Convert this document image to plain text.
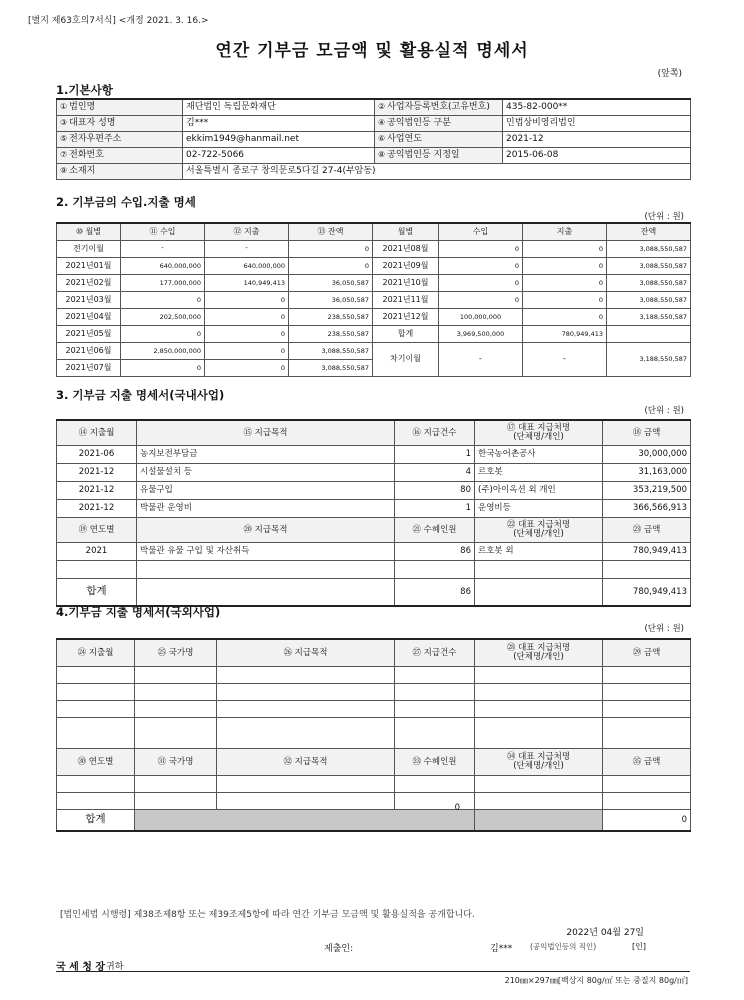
[별지 제63호의7서식] <개정 2021. 3. 16.>
연간 기부금 모금액 및 활용실적 명세서
(앞쪽)
1.기본사항
① 법인명	재단법인 독립문화재단	② 사업자등록번호(고유번호)	435-82-000**
③ 대표자 성명	김***	④ 공익법인등 구분	민법상비영리법인
⑤ 전자우편주소	ekkim1949@hanmail.net	⑥ 사업연도	2021-12
⑦ 전화번호	02-722-5066	⑧ 공익법인등 지정일	2015-06-08
⑨ 소재지	서울특별시 종로구 창의문로5다길 27-4(부암동)		
2. 기부금의 수입.지출 명세
(단위 : 원)
⑩ 월별	⑪ 수입	⑫ 지출	⑬ 잔액	월별	수입	지출	잔액
전기이월	-	-	0	2021년08월	0	0	3,088,550,587
2021년01월	640,000,000	640,000,000	0	2021년09월	0	0	3,088,550,587
2021년02월	177,000,000	140,949,413	36,050,587	2021년10월	0	0	3,088,550,587
2021년03월	0	0	36,050,587	2021년11월	0	0	3,088,550,587
2021년04월	202,500,000	0	238,550,587	2021년12월	100,000,000	0	3,188,550,587
2021년05월	0	0	238,550,587	합계	3,969,500,000	780,949,413	
2021년06월	2,850,000,000	0	3,088,550,587	차기이월	-	-	3,188,550,587
2021년07월	0	0	3,088,550,587				
3. 기부금 지출 명세서(국내사업)
(단위 : 원)
⑭ 지출월	⑮ 지급목적	⑯ 지급건수	⑰ 대표 지급처명
(단체명/개인)	⑱ 금액
2021-06	농지보전부담금	1	한국농어촌공사	30,000,000
2021-12	시설물설치 등	4	르호봇	31,163,000
2021-12	유물구입	80	(주)아이옥션 외 개인	353,219,500
2021-12	박물관 운영비	1	운영비등	366,566,913
⑲ 연도별	⑳ 지급목적	㉑ 수혜인원	㉒ 대표 지급처명
(단체명/개인)	㉓ 금액
2021	박물관 유물 구입 및 자산취득	86	르호봇 외	780,949,413

합계		86		780,949,413
4.기부금 지출 명세서(국외사업)
(단위 : 원)
㉔ 지출월	㉕ 국가명	㉖ 지급목적	㉗ 지급건수	㉘ 대표 지급처명
(단체명/개인)	㉙ 금액

㉚ 연도별	㉛ 국가명	㉜ 지급목적	㉝ 수혜인원	㉞ 대표 지급처명
(단체명/개인)	㉟ 금액

합계					0
0
[법인세법 시행령] 제38조제8항 또는 제39조제5항에 따라 연간 기부금 모금액 및 활용실적을 공개합니다.
2022년 04월 27일
제출인:	김*** (공익법인등의 직인)	[인]
국 세 청 장 귀하
210㎜×297㎜[백상지 80g/㎡ 또는 중질지 80g/㎡]
